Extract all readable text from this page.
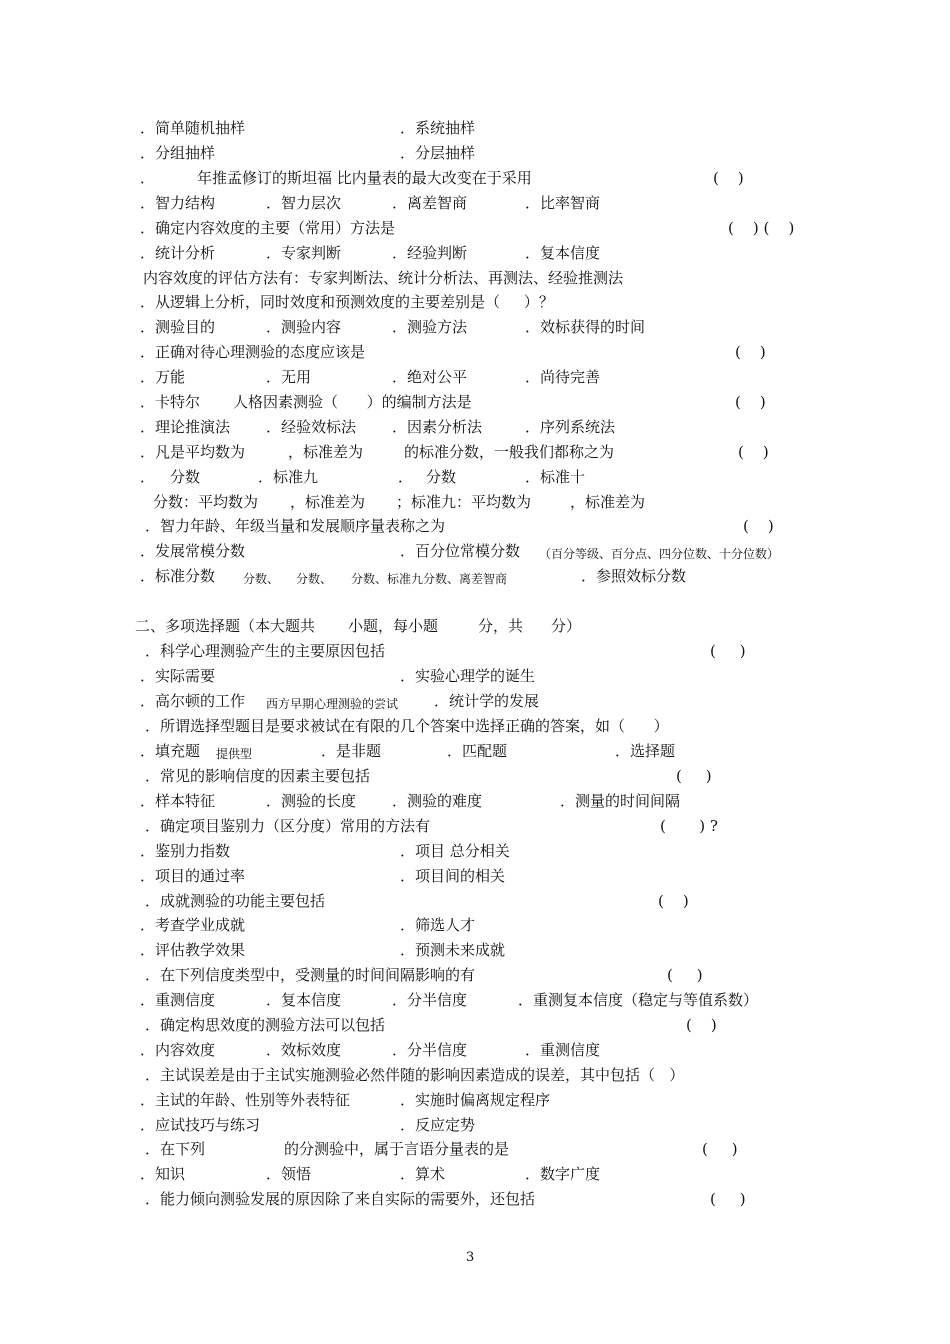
．简单随机抽样	．系统抽样
．分组抽样	．分层抽样
．	年推孟修订的斯坦福 比内量表的最大改变在于采用	(    )
．智力结构	．智力层次	．离差智商	．比率智商
．确定内容效度的主要（常用）方法是	(    ) (    )
．统计分析	．专家判断	．经验判断	．复本信度
内容效度的评估方法有：专家判断法、统计分析法、再测法、经验推测法
．从逻辑上分析，同时效度和预测效度的主要差别是（     ）？
．测验目的	．测验内容	．测验方法	．效标获得的时间
．正确对待心理测验的态度应该是	(    )
．万能	．无用	．绝对公平	．尚待完善
．卡特尔 人格因素测验（      ）的编制方法是	(    )
．理论推演法 ．经验效标法 ．因素分析法	．序列系统法
．凡是平均数为	，标准差为	的标准分数，一般我们都称之为	(    )
． 分数	．标准九	． 分数	．标准十
分数：平均数为 ，标准差为 ；标准九：平均数为	，标准差为
．智力年龄、年级当量和发展顺序量表称之为	(    )
．发展常模分数	．百分位常模分数 （百分等级、百分点、四分位数、十分位数）
．标准分数 分数、 分数、 分数、标准九分数、离差智商	．参照效标分数
二、多项选择题（本大题共 小题，每小题	分，共 分）
．科学心理测验产生的主要原因包括	(     )
．实际需要	．实验心理学的诞生
．高尔顿的工作 西方早期心理测验的尝试 ．统计学的发展
．所谓选择型题目是要求被试在有限的几个答案中选择正确的答案，如（      ）
．填充题 提供型	．是非题	．匹配题	．选择题
．常见的影响信度的因素主要包括	(     )
．样本特征	．测验的长度 ．测验的难度	．测量的时间间隔
．确定项目鉴别力（区分度）常用的方法有	(       ) ?
．鉴别力指数	．项目 总分相关
．项目的通过率	．项目间的相关
．成就测验的功能主要包括	(    )
．考查学业成就	．筛选人才
．评估教学效果	．预测未来成就
．在下列信度类型中，受测量的时间间隔影响的有	(     )
．重测信度	．复本信度	．分半信度	．重测复本信度（稳定与等值系数）
．确定构思效度的测验方法可以包括	(    )
．内容效度	．效标效度	．分半信度	．重测信度
．主试误差是由于主试实施测验必然伴随的影响因素造成的误差，其中包括（   ）
．主试的年龄、性别等外表特征	．实施时偏离规定程序
．应试技巧与练习	．反应定势
．在下列	的分测验中，属于言语分量表的是	(     )
．知识	．领悟	．算术	．数字广度
．能力倾向测验发展的原因除了来自实际的需要外，还包括	(     )
3
